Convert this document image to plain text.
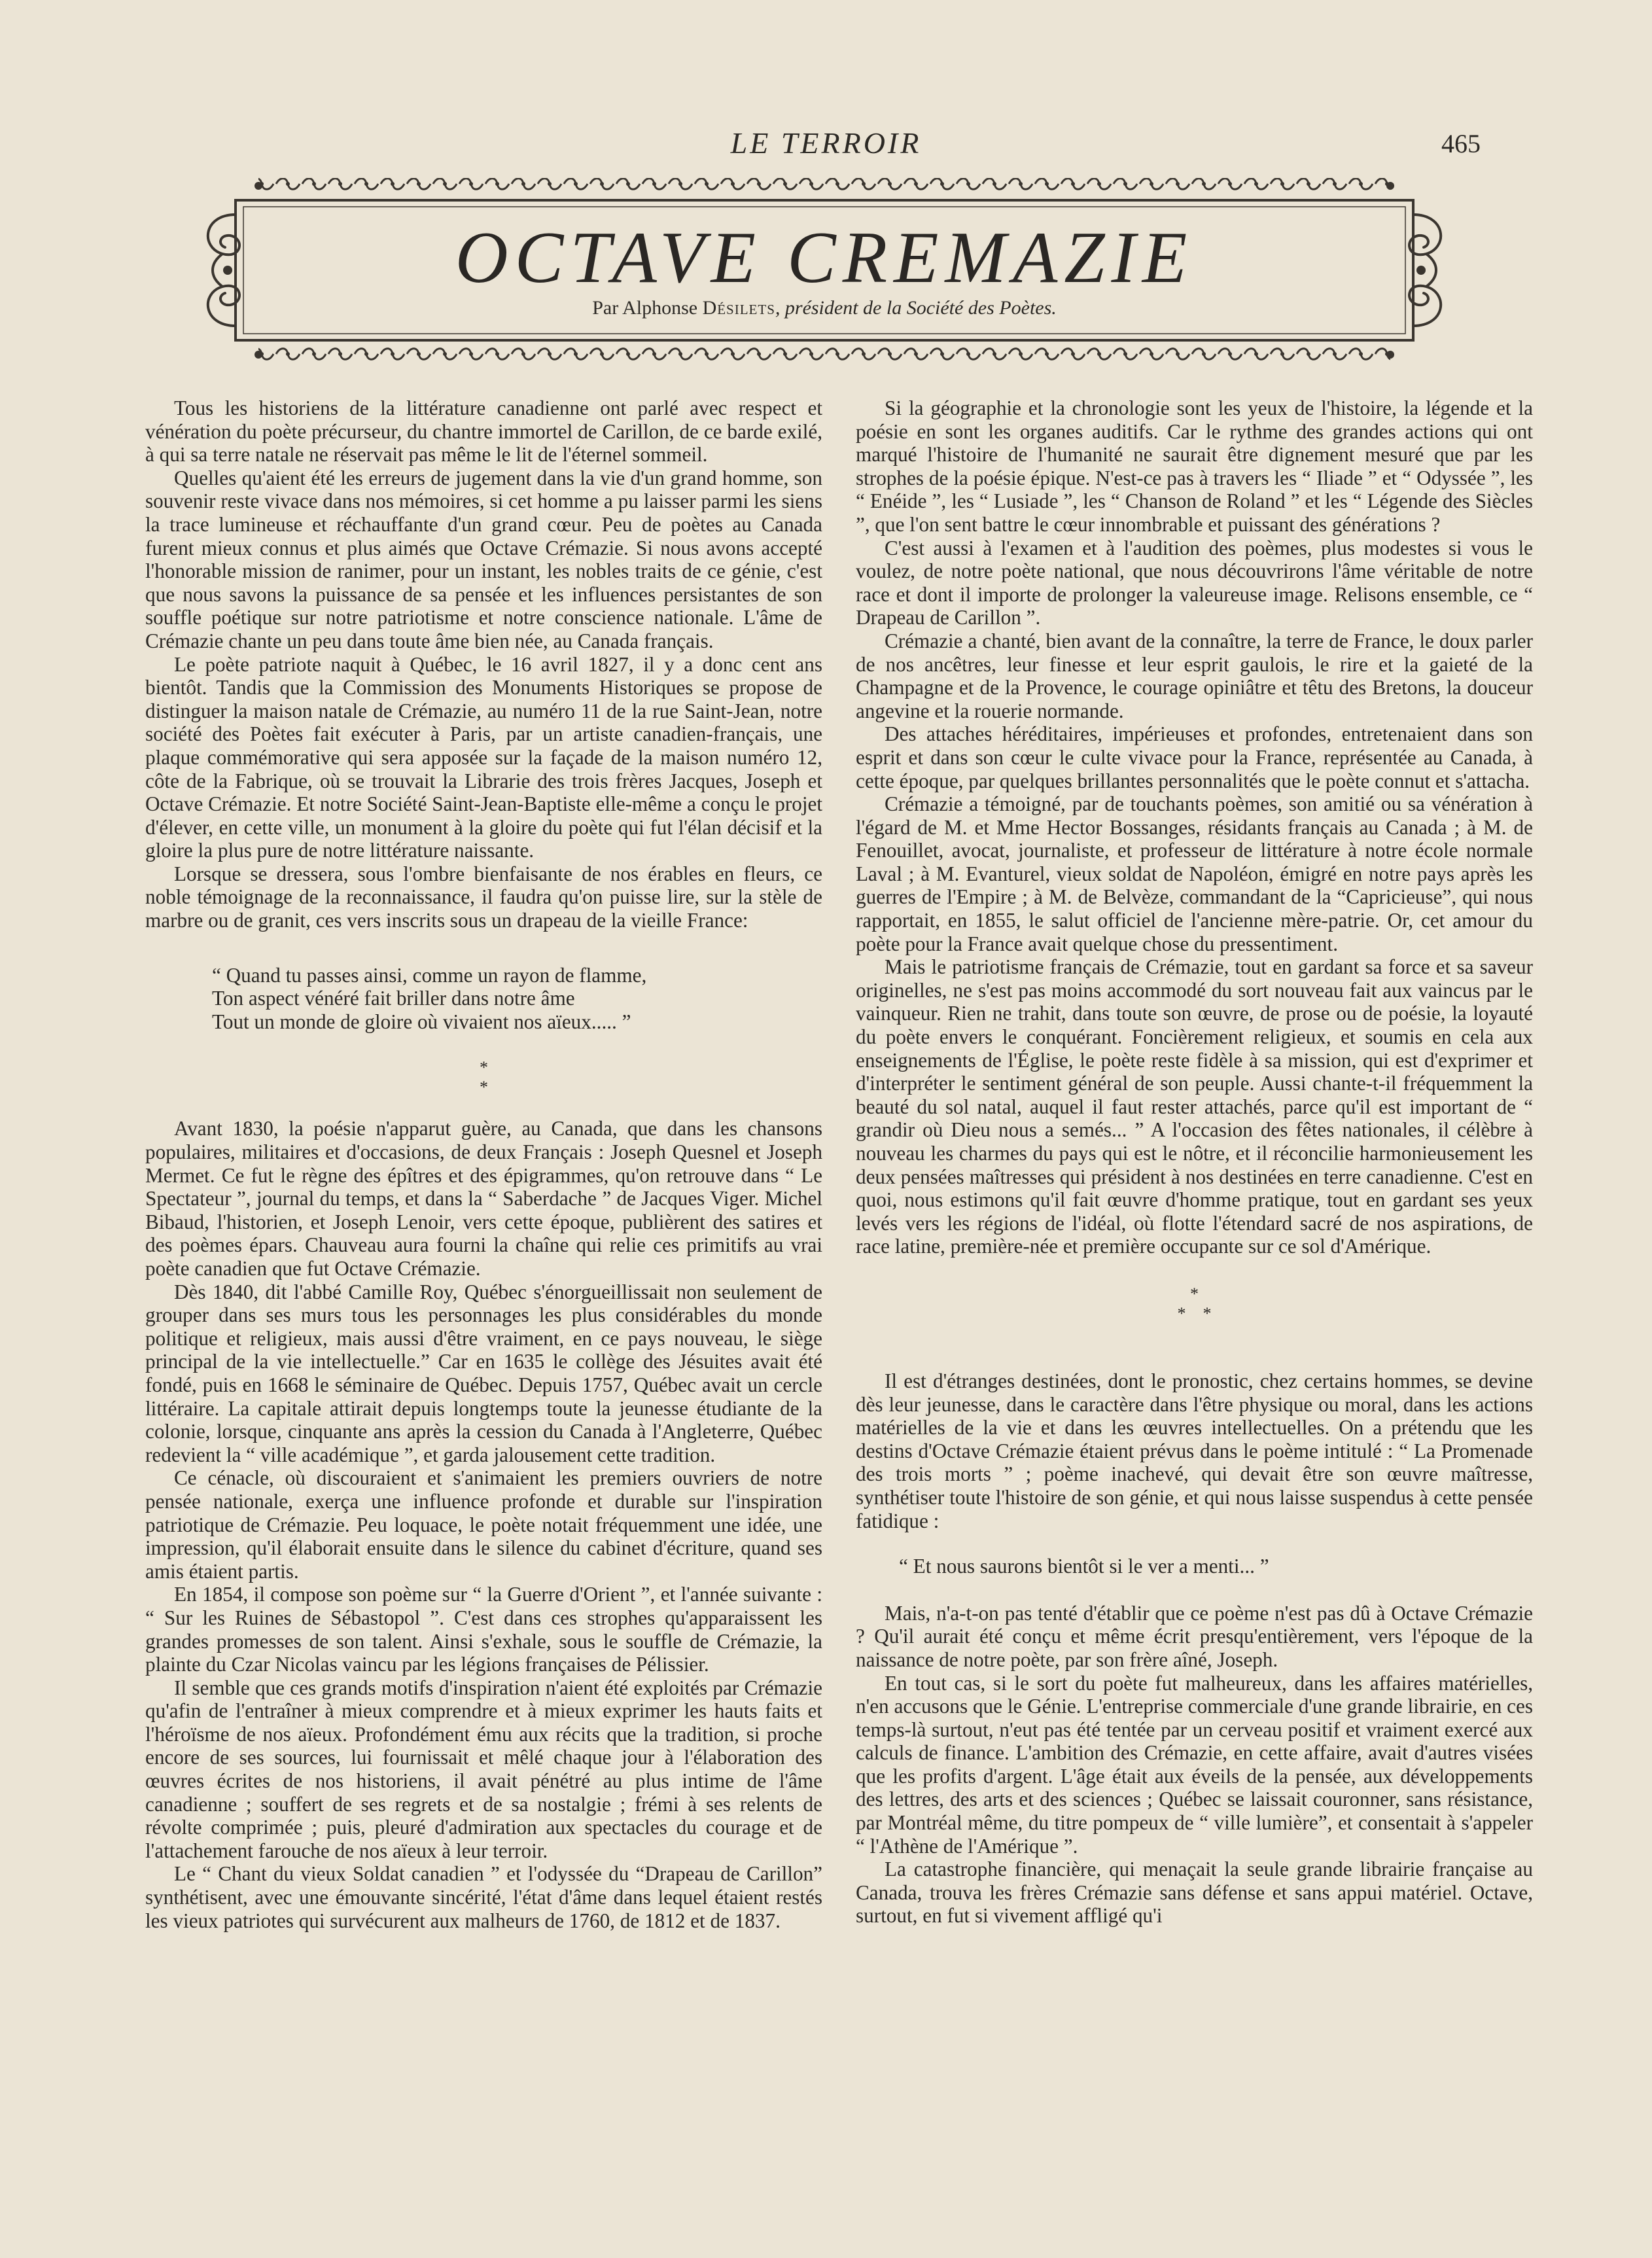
LE TERROIR	465
OCTAVE CREMAZIE
Par Alphonse Désilets, président de la Société des Poètes.

Tous les historiens de la littérature canadienne ont parlé avec respect et vénération du poète précurseur, du chantre immortel de Carillon, de ce barde exilé, à qui sa terre natale ne réservait pas même le lit de l'éternel sommeil.

Quelles qu'aient été les erreurs de jugement dans la vie d'un grand homme, son souvenir reste vivace dans nos mémoires, si cet homme a pu laisser parmi les siens la trace lumineuse et réchauffante d'un grand cœur. Peu de poètes au Canada furent mieux connus et plus aimés que Octave Crémazie. Si nous avons accepté l'honorable mission de ranimer, pour un instant, les nobles traits de ce génie, c'est que nous savons la puissance de sa pensée et les influences persistantes de son souffle poétique sur notre patriotisme et notre conscience nationale. L'âme de Crémazie chante un peu dans toute âme bien née, au Canada français.

Le poète patriote naquit à Québec, le 16 avril 1827, il y a donc cent ans bientôt. Tandis que la Commission des Monuments Historiques se propose de distinguer la maison natale de Crémazie, au numéro 11 de la rue Saint-Jean, notre société des Poètes fait exécuter à Paris, par un artiste canadien-français, une plaque commémorative qui sera apposée sur la façade de la maison numéro 12, côte de la Fabrique, où se trouvait la Librarie des trois frères Jacques, Joseph et Octave Crémazie. Et notre Société Saint-Jean-Baptiste elle-même a conçu le projet d'élever, en cette ville, un monument à la gloire du poète qui fut l'élan décisif et la gloire la plus pure de notre littérature naissante.

Lorsque se dressera, sous l'ombre bienfaisante de nos érables en fleurs, ce noble témoignage de la reconnaissance, il faudra qu'on puisse lire, sur la stèle de marbre ou de granit, ces vers inscrits sous un drapeau de la vieille France:

“ Quand tu passes ainsi, comme un rayon de flamme,
Ton aspect vénéré fait briller dans notre âme
Tout un monde de gloire où vivaient nos aïeux..... ”
*
*

Avant 1830, la poésie n'apparut guère, au Canada, que dans les chansons populaires, militaires et d'occasions, de deux Français : Joseph Quesnel et Joseph Mermet. Ce fut le règne des épîtres et des épigrammes, qu'on retrouve dans “ Le Spectateur ”, journal du temps, et dans la “ Saberdache ” de Jacques Viger. Michel Bibaud, l'historien, et Joseph Lenoir, vers cette époque, publièrent des satires et des poèmes épars. Chauveau aura fourni la chaîne qui relie ces primitifs au vrai poète canadien que fut Octave Crémazie.

Dès 1840, dit l'abbé Camille Roy, Québec s'énorgueillissait non seulement de grouper dans ses murs tous les personnages les plus considérables du monde politique et religieux, mais aussi d'être vraiment, en ce pays nouveau, le siège principal de la vie intellectuelle.” Car en 1635 le collège des Jésuites avait été fondé, puis en 1668 le séminaire de Québec. Depuis 1757, Québec avait un cercle littéraire. La capitale attirait depuis longtemps toute la jeunesse étudiante de la colonie, lorsque, cinquante ans après la cession du Canada à l'Angleterre, Québec redevient la “ ville académique ”, et garda jalousement cette tradition.

Ce cénacle, où discouraient et s'animaient les premiers ouvriers de notre pensée nationale, exerça une influence profonde et durable sur l'inspiration patriotique de Crémazie. Peu loquace, le poète notait fréquemment une idée, une impression, qu'il élaborait ensuite dans le silence du cabinet d'écriture, quand ses amis étaient partis.

En 1854, il compose son poème sur “ la Guerre d'Orient ”, et l'année suivante : “ Sur les Ruines de Sébastopol ”. C'est dans ces strophes qu'apparaissent les grandes promesses de son talent. Ainsi s'exhale, sous le souffle de Crémazie, la plainte du Czar Nicolas vaincu par les légions françaises de Pélissier.

Il semble que ces grands motifs d'inspiration n'aient été exploités par Crémazie qu'afin de l'entraîner à mieux comprendre et à mieux exprimer les hauts faits et l'héroïsme de nos aïeux. Profondément ému aux récits que la tradition, si proche encore de ses sources, lui fournissait et mêlé chaque jour à l'élaboration des œuvres écrites de nos historiens, il avait pénétré au plus intime de l'âme canadienne ; souffert de ses regrets et de sa nostalgie ; frémi à ses relents de révolte comprimée ; puis, pleuré d'admiration aux spectacles du courage et de l'attachement farouche de nos aïeux à leur terroir.

Le “ Chant du vieux Soldat canadien ” et l'odyssée du “Drapeau de Carillon” synthétisent, avec une émouvante sincérité, l'état d'âme dans lequel étaient restés les vieux patriotes qui survécurent aux malheurs de 1760, de 1812 et de 1837.

Si la géographie et la chronologie sont les yeux de l'histoire, la légende et la poésie en sont les organes auditifs. Car le rythme des grandes actions qui ont marqué l'histoire de l'humanité ne saurait être dignement mesuré que par les strophes de la poésie épique. N'est-ce pas à travers les “ Iliade ” et “ Odyssée ”, les “ Enéide ”, les “ Lusiade ”, les “ Chanson de Roland ” et les “ Légende des Siècles ”, que l'on sent battre le cœur innombrable et puissant des générations ?

C'est aussi à l'examen et à l'audition des poèmes, plus modestes si vous le voulez, de notre poète national, que nous découvrirons l'âme véritable de notre race et dont il importe de prolonger la valeureuse image. Relisons ensemble, ce “ Drapeau de Carillon ”.

Crémazie a chanté, bien avant de la connaître, la terre de France, le doux parler de nos ancêtres, leur finesse et leur esprit gaulois, le rire et la gaieté de la Champagne et de la Provence, le courage opiniâtre et têtu des Bretons, la douceur angevine et la rouerie normande.

Des attaches héréditaires, impérieuses et profondes, entretenaient dans son esprit et dans son cœur le culte vivace pour la France, représentée au Canada, à cette époque, par quelques brillantes personnalités que le poète connut et s'attacha.

Crémazie a témoigné, par de touchants poèmes, son amitié ou sa vénération à l'égard de M. et Mme Hector Bossanges, résidants français au Canada ; à M. de Fenouillet, avocat, journaliste, et professeur de littérature à notre école normale Laval ; à M. Evanturel, vieux soldat de Napoléon, émigré en notre pays après les guerres de l'Empire ; à M. de Belvèze, commandant de la “Capricieuse”, qui nous rapportait, en 1855, le salut officiel de l'ancienne mère-patrie. Or, cet amour du poète pour la France avait quelque chose du pressentiment.

Mais le patriotisme français de Crémazie, tout en gardant sa force et sa saveur originelles, ne s'est pas moins accommodé du sort nouveau fait aux vaincus par le vainqueur. Rien ne trahit, dans toute son œuvre, de prose ou de poésie, la loyauté du poète envers le conquérant. Foncièrement religieux, et soumis en cela aux enseignements de l'Église, le poète reste fidèle à sa mission, qui est d'exprimer et d'interpréter le sentiment général de son peuple. Aussi chante-t-il fréquemment la beauté du sol natal, auquel il faut rester attachés, parce qu'il est important de “ grandir où Dieu nous a semés... ” A l'occasion des fêtes nationales, il célèbre à nouveau les charmes du pays qui est le nôtre, et il réconcilie harmonieusement les deux pensées maîtresses qui président à nos destinées en terre canadienne. C'est en quoi, nous estimons qu'il fait œuvre d'homme pratique, tout en gardant ses yeux levés vers les régions de l'idéal, où flotte l'étendard sacré de nos aspirations, de race latine, première-née et première occupante sur ce sol d'Amérique.

*
*    *

Il est d'étranges destinées, dont le pronostic, chez certains hommes, se devine dès leur jeunesse, dans le caractère dans l'être physique ou moral, dans les actions matérielles de la vie et dans les œuvres intellectuelles. On a prétendu que les destins d'Octave Crémazie étaient prévus dans le poème intitulé : “ La Promenade des trois morts ” ; poème inachevé, qui devait être son œuvre maîtresse, synthétiser toute l'histoire de son génie, et qui nous laisse suspendus à cette pensée fatidique :

“ Et nous saurons bientôt si le ver a menti... ”

Mais, n'a-t-on pas tenté d'établir que ce poème n'est pas dû à Octave Crémazie ? Qu'il aurait été conçu et même écrit presqu'entièrement, vers l'époque de la naissance de notre poète, par son frère aîné, Joseph.

En tout cas, si le sort du poète fut malheureux, dans les affaires matérielles, n'en accusons que le Génie. L'entreprise commerciale d'une grande librairie, en ces temps-là surtout, n'eut pas été tentée par un cerveau positif et vraiment exercé aux calculs de finance. L'ambition des Crémazie, en cette affaire, avait d'autres visées que les profits d'argent. L'âge était aux éveils de la pensée, aux développements des lettres, des arts et des sciences ; Québec se laissait couronner, sans résistance, par Montréal même, du titre pompeux de “ ville lumière”, et consentait à s'appeler “ l'Athène de l'Amérique ”.

La catastrophe financière, qui menaçait la seule grande librairie française au Canada, trouva les frères Crémazie sans défense et sans appui matériel. Octave, surtout, en fut si vivement affligé qu'i
